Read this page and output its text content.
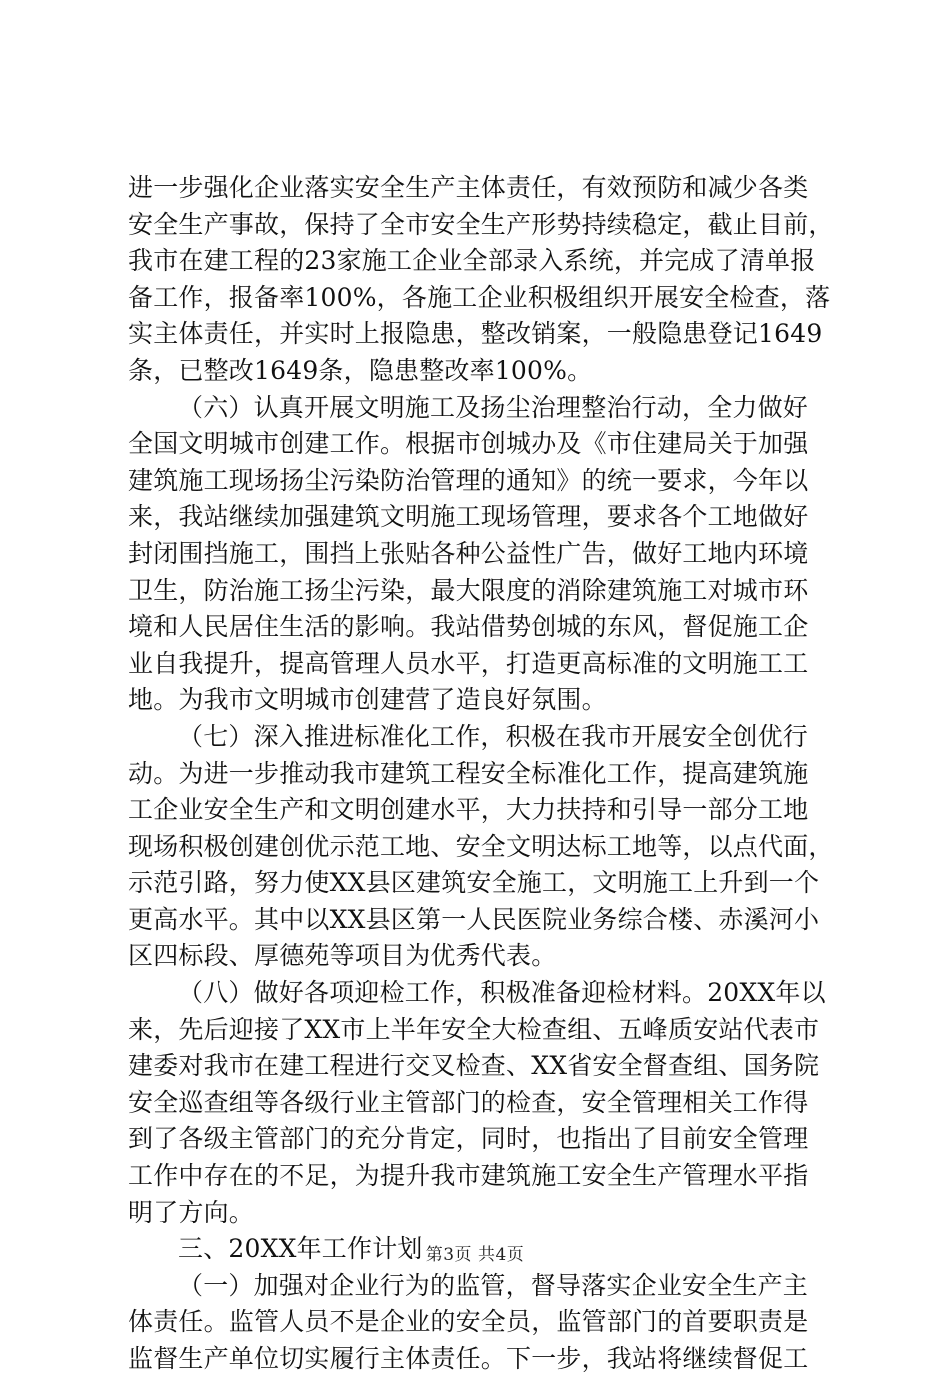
进一步强化企业落实安全生产主体责任，有效预防和减少各类
安全生产事故，保持了全市安全生产形势持续稳定，截止目前，
我市在建工程的23家施工企业全部录入系统，并完成了清单报
备工作，报备率100%，各施工企业积极组织开展安全检查，落
实主体责任，并实时上报隐患，整改销案，一般隐患登记1649
条，已整改1649条，隐患整改率100%。
（六）认真开展文明施工及扬尘治理整治行动，全力做好
全国文明城市创建工作。根据市创城办及《市住建局关于加强
建筑施工现场扬尘污染防治管理的通知》的统一要求，今年以
来，我站继续加强建筑文明施工现场管理，要求各个工地做好
封闭围挡施工，围挡上张贴各种公益性广告，做好工地内环境
卫生，防治施工扬尘污染，最大限度的消除建筑施工对城市环
境和人民居住生活的影响。我站借势创城的东风，督促施工企
业自我提升，提高管理人员水平，打造更高标准的文明施工工
地。为我市文明城市创建营了造良好氛围。
（七）深入推进标准化工作，积极在我市开展安全创优行
动。为进一步推动我市建筑工程安全标准化工作，提高建筑施
工企业安全生产和文明创建水平，大力扶持和引导一部分工地
现场积极创建创优示范工地、安全文明达标工地等，以点代面，
示范引路，努力使XX县区建筑安全施工，文明施工上升到一个
更高水平。其中以XX县区第一人民医院业务综合楼、赤溪河小
区四标段、厚德苑等项目为优秀代表。
（八）做好各项迎检工作，积极准备迎检材料。20XX年以
来，先后迎接了XX市上半年安全大检查组、五峰质安站代表市
建委对我市在建工程进行交叉检查、XX省安全督查组、国务院
安全巡查组等各级行业主管部门的检查，安全管理相关工作得
到了各级主管部门的充分肯定，同时，也指出了目前安全管理
工作中存在的不足，为提升我市建筑施工安全生产管理水平指
明了方向。
三、20XX年工作计划
（一）加强对企业行为的监管，督导落实企业安全生产主
体责任。监管人员不是企业的安全员，监管部门的首要职责是
监督生产单位切实履行主体责任。下一步，我站将继续督促工
第3页 共4页
